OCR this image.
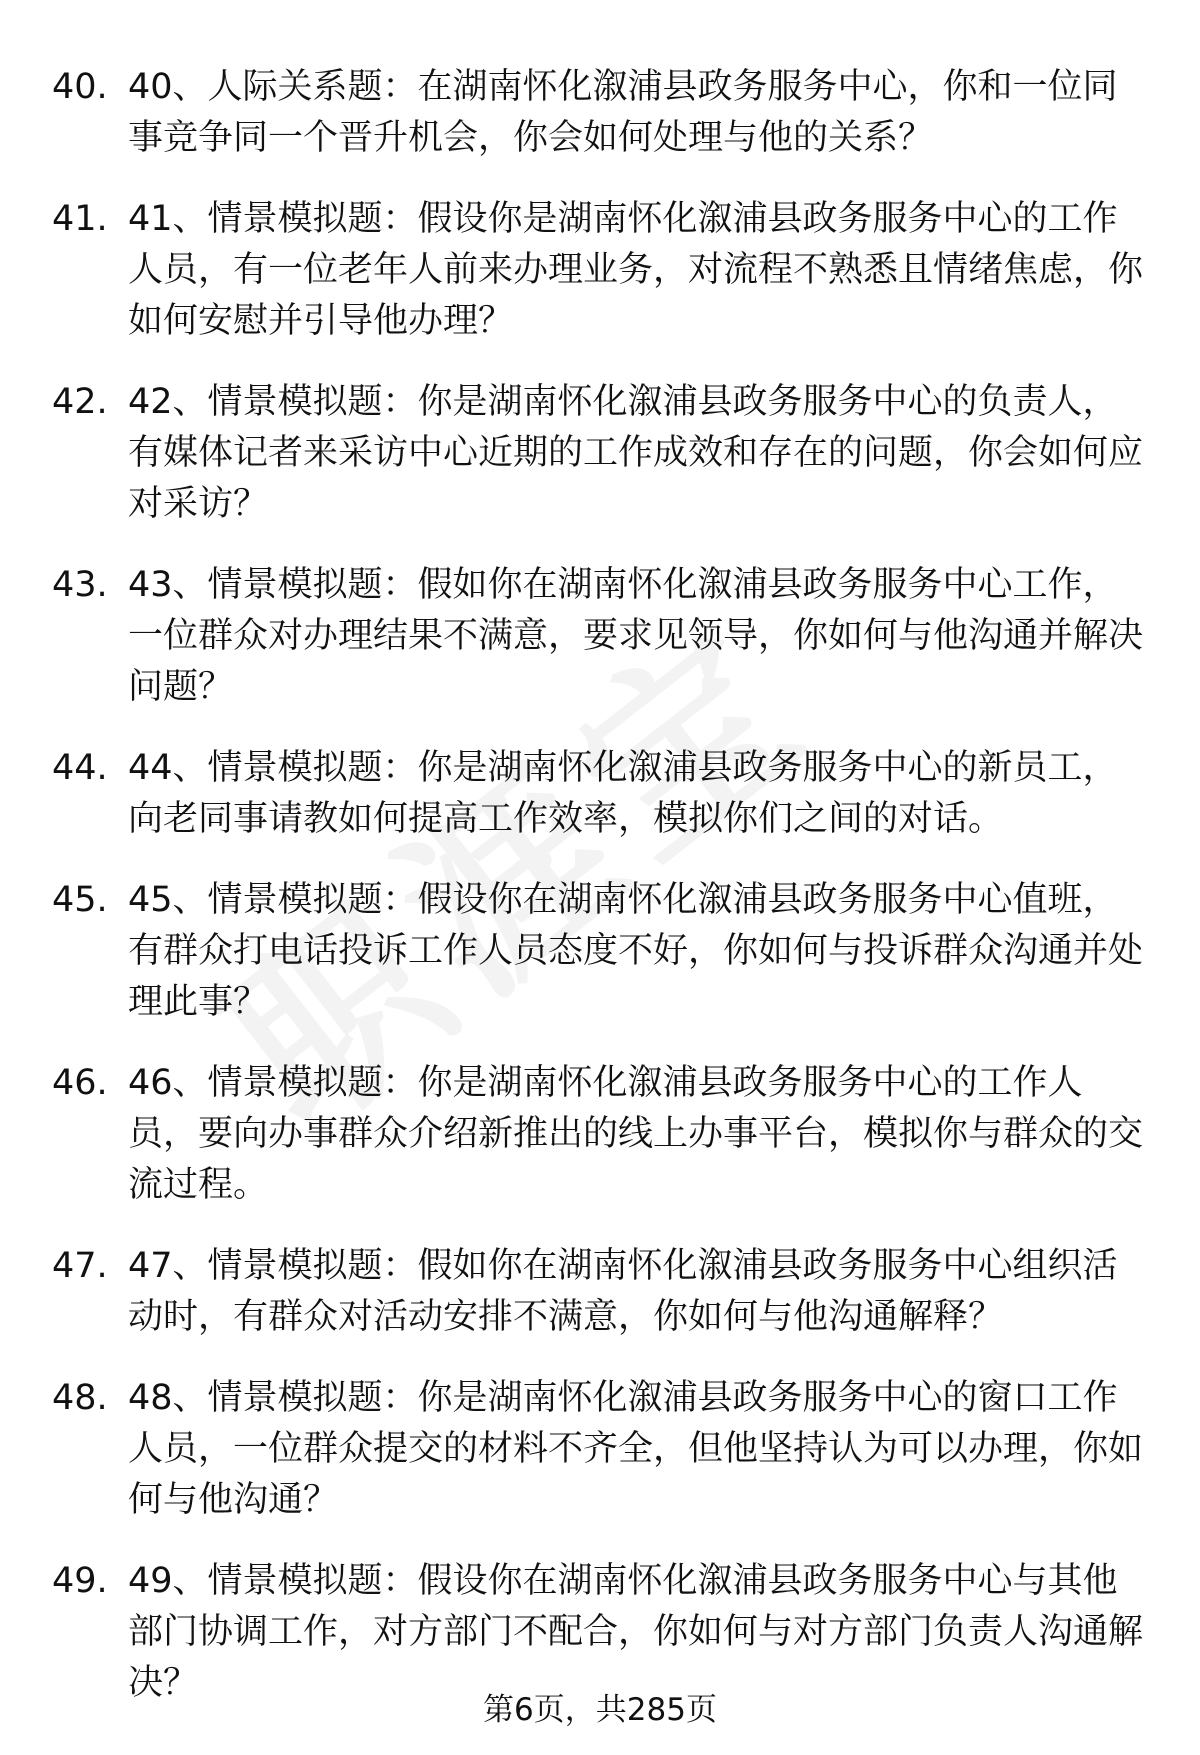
40. 40、人际关系题：在湖南怀化溆浦县政务服务中心，你和一位同事竞争同一个晋升机会，你会如何处理与他的关系？
41. 41、情景模拟题：假设你是湖南怀化溆浦县政务服务中心的工作人员，有一位老年人前来办理业务，对流程不熟悉且情绪焦虑，你如何安慰并引导他办理？
42. 42、情景模拟题：你是湖南怀化溆浦县政务服务中心的负责人，有媒体记者来采访中心近期的工作成效和存在的问题，你会如何应对采访？
43. 43、情景模拟题：假如你在湖南怀化溆浦县政务服务中心工作，一位群众对办理结果不满意，要求见领导，你如何与他沟通并解决问题？
44. 44、情景模拟题：你是湖南怀化溆浦县政务服务中心的新员工，向老同事请教如何提高工作效率，模拟你们之间的对话。
45. 45、情景模拟题：假设你在湖南怀化溆浦县政务服务中心值班，有群众打电话投诉工作人员态度不好，你如何与投诉群众沟通并处理此事？
46. 46、情景模拟题：你是湖南怀化溆浦县政务服务中心的工作人员，要向办事群众介绍新推出的线上办事平台，模拟你与群众的交流过程。
47. 47、情景模拟题：假如你在湖南怀化溆浦县政务服务中心组织活动时，有群众对活动安排不满意，你如何与他沟通解释？
48. 48、情景模拟题：你是湖南怀化溆浦县政务服务中心的窗口工作人员，一位群众提交的材料不齐全，但他坚持认为可以办理，你如何与他沟通？
49. 49、情景模拟题：假设你在湖南怀化溆浦县政务服务中心与其他部门协调工作，对方部门不配合，你如何与对方部门负责人沟通解决？
第6页，共285页
